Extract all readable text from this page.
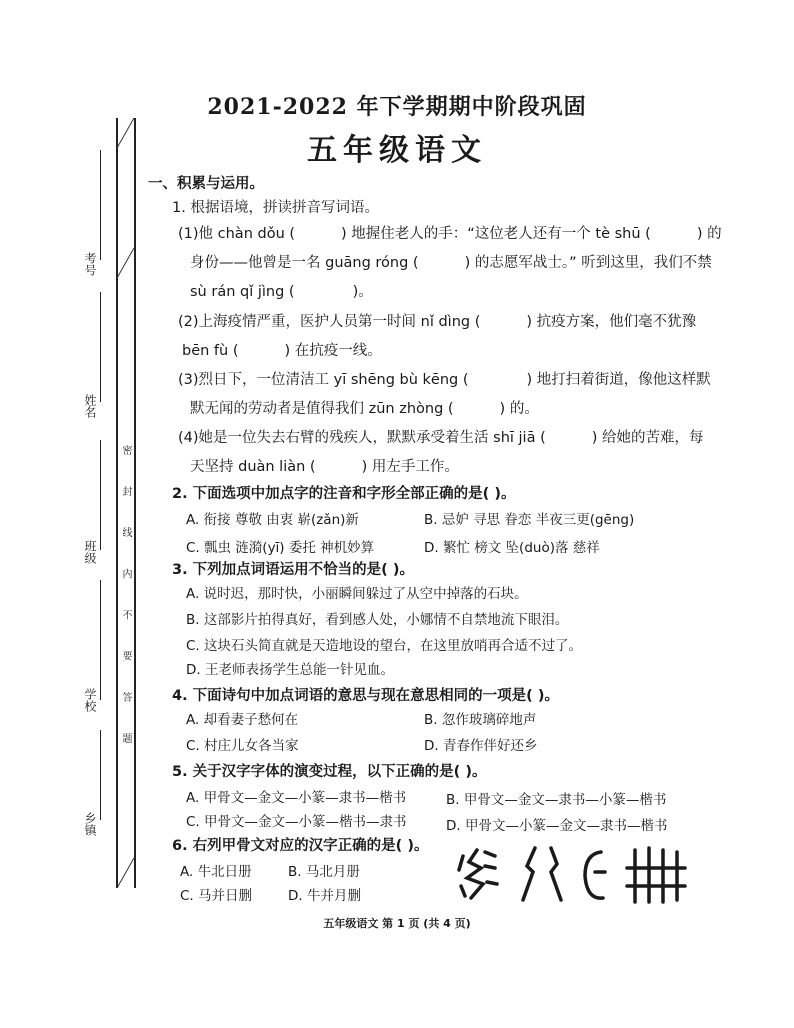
密 封 线 内 不 要 答 题
考号
姓名
班级
学校
乡镇
2021-2022 年下学期期中阶段巩固
五年级语文
一、积累与运用。
1. 根据语境，拼读拼音写词语。
(1)他 chàn dǒu (	) 地握住老人的手：“这位老人还有一个 tè shū (	) 的
身份——他曾是一名 guāng róng (	) 的志愿军战士。” 听到这里，我们不禁
sù rán qǐ jìng (	)。
(2)上海疫情严重，医护人员第一时间 nǐ dìng (	) 抗疫方案，他们毫不犹豫
bēn fù (	) 在抗疫一线。
(3)烈日下，一位清洁工 yī shēng bù kēng (	) 地打扫着街道，像他这样默
默无闻的劳动者是值得我们 zūn zhòng (	) 的。
(4)她是一位失去右臂的残疾人，默默承受着生活 shī jiā (	) 给她的苦难，每
天坚持 duàn liàn (	) 用左手工作。
2. 下面选项中加点字的注音和字形全部正确的是( )。
A. 衔接 尊敬 由衷 崭(zǎn)新	B. 忌妒 寻思 眷恋 半夜三更(gēng)
C. 瓢虫 涟漪(yī) 委托 神机妙算	D. 繁忙 榜文 坠(duò)落 慈祥
3. 下列加点词语运用不恰当的是( )。
A. 说时迟，那时快，小丽瞬间躲过了从空中掉落的石块。
B. 这部影片拍得真好，看到感人处，小娜情不自禁地流下眼泪。
C. 这块石头简直就是天造地设的望台，在这里放哨再合适不过了。
D. 王老师表扬学生总能一针见血。
4. 下面诗句中加点词语的意思与现在意思相同的一项是( )。
A. 却看妻子愁何在	B. 忽作玻璃碎地声
C. 村庄儿女各当家	D. 青春作伴好还乡
5. 关于汉字字体的演变过程，以下正确的是( )。
A. 甲骨文—金文—小篆—隶书—楷书	B. 甲骨文—金文—隶书—小篆—楷书
C. 甲骨文—金文—小篆—楷书—隶书	D. 甲骨文—小篆—金文—隶书—楷书
6. 右列甲骨文对应的汉字正确的是( )。
A. 牛北日册	B. 马北月册
C. 马并日删	D. 牛并月删
五年级语文 第 1 页 (共 4 页)
